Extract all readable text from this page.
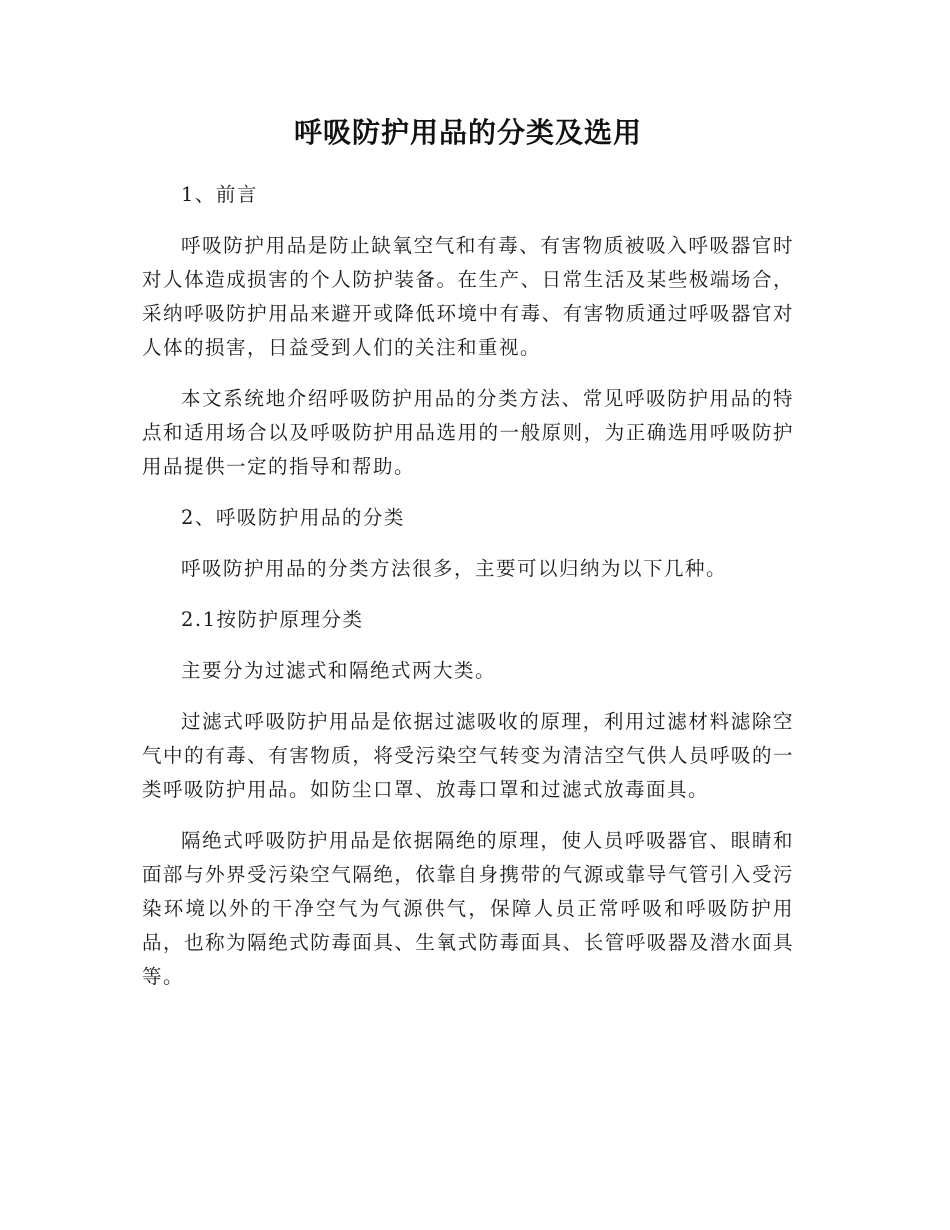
呼吸防护用品的分类及选用

1、前言

呼吸防护用品是防止缺氧空气和有毒、有害物质被吸入呼吸器官时对人体造成损害的个人防护装备。在生产、日常生活及某些极端场合，采纳呼吸防护用品来避开或降低环境中有毒、有害物质通过呼吸器官对人体的损害，日益受到人们的关注和重视。

本文系统地介绍呼吸防护用品的分类方法、常见呼吸防护用品的特点和适用场合以及呼吸防护用品选用的一般原则，为正确选用呼吸防护用品提供一定的指导和帮助。

2、呼吸防护用品的分类

呼吸防护用品的分类方法很多，主要可以归纳为以下几种。

2.1按防护原理分类

主要分为过滤式和隔绝式两大类。

过滤式呼吸防护用品是依据过滤吸收的原理，利用过滤材料滤除空气中的有毒、有害物质，将受污染空气转变为清洁空气供人员呼吸的一类呼吸防护用品。如防尘口罩、放毒口罩和过滤式放毒面具。

隔绝式呼吸防护用品是依据隔绝的原理，使人员呼吸器官、眼睛和面部与外界受污染空气隔绝，依靠自身携带的气源或靠导气管引入受污染环境以外的干净空气为气源供气，保障人员正常呼吸和呼吸防护用品，也称为隔绝式防毒面具、生氧式防毒面具、长管呼吸器及潜水面具等。
